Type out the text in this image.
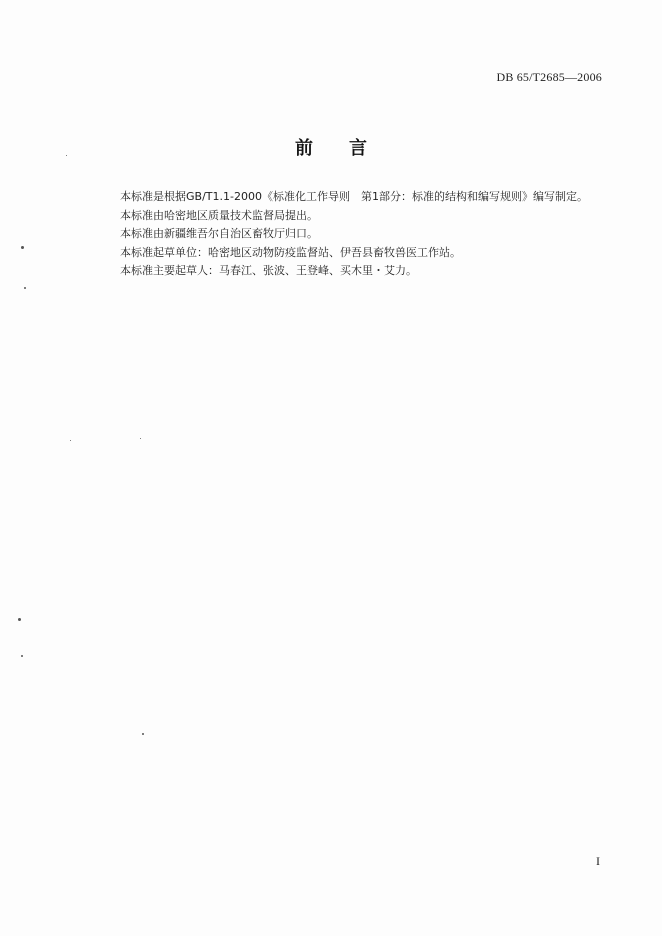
DB 65/T2685—2006
前言
本标准是根据GB/T1.1-2000《标准化工作导则　第1部分：标准的结构和编写规则》编写制定。
本标准由哈密地区质量技术监督局提出。
本标准由新疆维吾尔自治区畜牧厅归口。
本标准起草单位：哈密地区动物防疫监督站、伊吾县畜牧兽医工作站。
本标准主要起草人：马春江、张波、王登峰、买木里・艾力。
I
